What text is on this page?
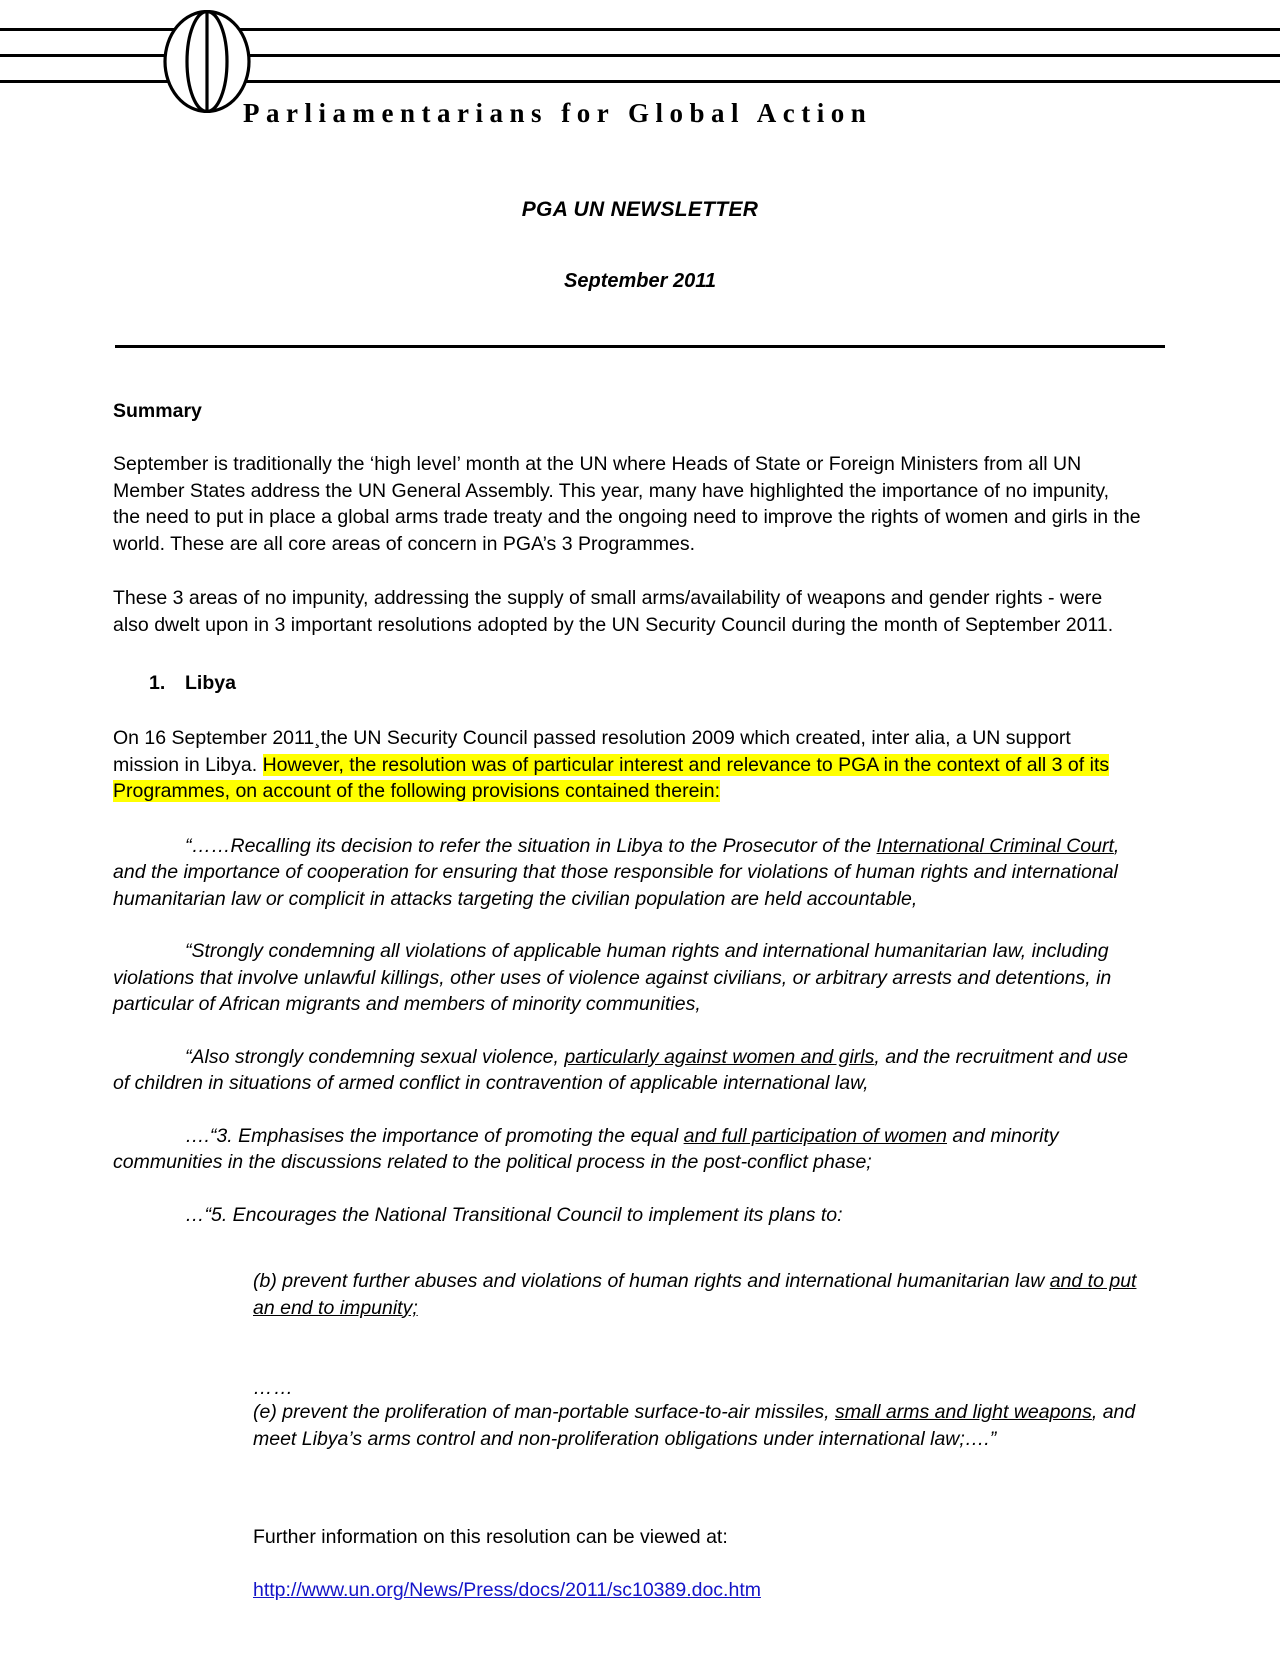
Parliamentarians for Global Action
PGA UN NEWSLETTER
September 2011
Summary

September is traditionally the ‘high level’ month at the UN where Heads of State or Foreign Ministers from all UN Member States address the UN General Assembly. This year, many have highlighted the importance of no impunity, the need to put in place a global arms trade treaty and the ongoing need to improve the rights of women and girls in the world. These are all core areas of concern in PGA’s 3 Programmes.

These 3 areas of no impunity, addressing the supply of small arms/availability of weapons and gender rights - were also dwelt upon in 3 important resolutions adopted by the UN Security Council during the month of September 2011.

1. Libya

On 16 September 2011¸the UN Security Council passed resolution 2009 which created, inter alia, a UN support mission in Libya. However, the resolution was of particular interest and relevance to PGA in the context of all 3 of its Programmes, on account of the following provisions contained therein:

“……Recalling its decision to refer the situation in Libya to the Prosecutor of the International Criminal Court, and the importance of cooperation for ensuring that those responsible for violations of human rights and international humanitarian law or complicit in attacks targeting the civilian population are held accountable,

“Strongly condemning all violations of applicable human rights and international humanitarian law, including violations that involve unlawful killings, other uses of violence against civilians, or arbitrary arrests and detentions, in particular of African migrants and members of minority communities,

“Also strongly condemning sexual violence, particularly against women and girls, and the recruitment and use of children in situations of armed conflict in contravention of applicable international law,

….“3. Emphasises the importance of promoting the equal and full participation of women and minority communities in the discussions related to the political process in the post-conflict phase;

…“5. Encourages the National Transitional Council to implement its plans to:

(b) prevent further abuses and violations of human rights and international humanitarian law and to put an end to impunity;

……

(e) prevent the proliferation of man-portable surface-to-air missiles, small arms and light weapons, and meet Libya’s arms control and non-proliferation obligations under international law;….”

Further information on this resolution can be viewed at:

http://www.un.org/News/Press/docs/2011/sc10389.doc.htm
